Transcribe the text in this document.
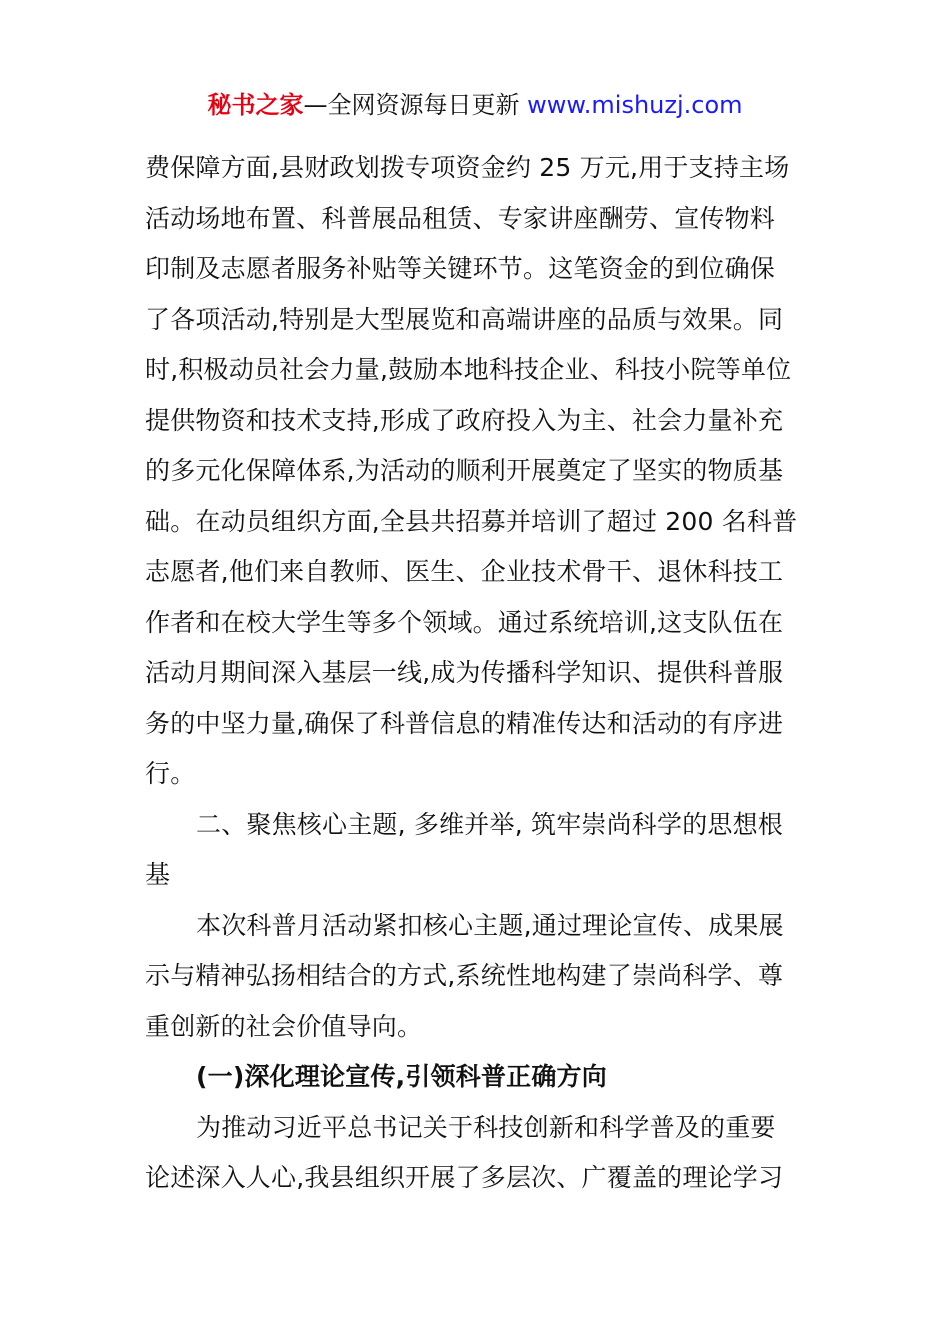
秘书之家—全网资源每日更新 www.mishuzj.com
费保障方面,县财政划拨专项资金约 25 万元,用于支持主场
活动场地布置、科普展品租赁、专家讲座酬劳、宣传物料
印制及志愿者服务补贴等关键环节。这笔资金的到位确保
了各项活动,特别是大型展览和高端讲座的品质与效果。同
时,积极动员社会力量,鼓励本地科技企业、科技小院等单位
提供物资和技术支持,形成了政府投入为主、社会力量补充
的多元化保障体系,为活动的顺利开展奠定了坚实的物质基
础。在动员组织方面,全县共招募并培训了超过 200 名科普
志愿者,他们来自教师、医生、企业技术骨干、退休科技工
作者和在校大学生等多个领域。通过系统培训,这支队伍在
活动月期间深入基层一线,成为传播科学知识、提供科普服
务的中坚力量,确保了科普信息的精准传达和活动的有序进
行。
二、聚焦核心主题, 多维并举, 筑牢崇尚科学的思想根
基
本次科普月活动紧扣核心主题,通过理论宣传、成果展
示与精神弘扬相结合的方式,系统性地构建了崇尚科学、尊
重创新的社会价值导向。
(一)深化理论宣传,引领科普正确方向
为推动习近平总书记关于科技创新和科学普及的重要
论述深入人心,我县组织开展了多层次、广覆盖的理论学习
